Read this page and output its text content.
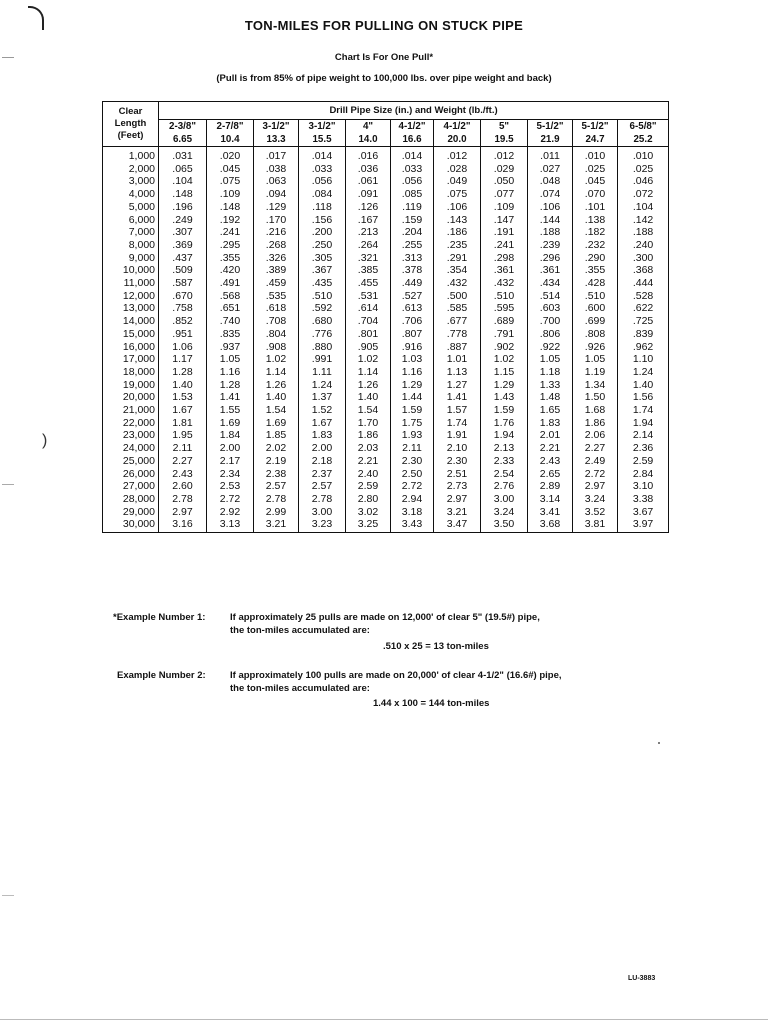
)
TON-MILES FOR PULLING ON STUCK PIPE
Chart Is For One Pull*
(Pull is from 85% of pipe weight to 100,000 lbs. over pipe weight and back)
Clear
Length
(Feet)	Drill Pipe Size (in.) and Weight (lb./ft.)										
	2-3/8"	2-7/8"	3-1/2"	3-1/2"	4"	4-1/2"	4-1/2"	5"	5-1/2"	5-1/2"	6-5/8"
	6.65	10.4	13.3	15.5	14.0	16.6	20.0	19.5	21.9	24.7	25.2
1,000	.031	.020	.017	.014	.016	.014	.012	.012	.011	.010	.010
2,000	.065	.045	.038	.033	.036	.033	.028	.029	.027	.025	.025
3,000	.104	.075	.063	.056	.061	.056	.049	.050	.048	.045	.046
4,000	.148	.109	.094	.084	.091	.085	.075	.077	.074	.070	.072
5,000	.196	.148	.129	.118	.126	.119	.106	.109	.106	.101	.104
6,000	.249	.192	.170	.156	.167	.159	.143	.147	.144	.138	.142
7,000	.307	.241	.216	.200	.213	.204	.186	.191	.188	.182	.188
8,000	.369	.295	.268	.250	.264	.255	.235	.241	.239	.232	.240
9,000	.437	.355	.326	.305	.321	.313	.291	.298	.296	.290	.300
10,000	.509	.420	.389	.367	.385	.378	.354	.361	.361	.355	.368
11,000	.587	.491	.459	.435	.455	.449	.432	.432	.434	.428	.444
12,000	.670	.568	.535	.510	.531	.527	.500	.510	.514	.510	.528
13,000	.758	.651	.618	.592	.614	.613	.585	.595	.603	.600	.622
14,000	.852	.740	.708	.680	.704	.706	.677	.689	.700	.699	.725
15,000	.951	.835	.804	.776	.801	.807	.778	.791	.806	.808	.839
16,000	1.06	.937	.908	.880	.905	.916	.887	.902	.922	.926	.962
17,000	1.17	1.05	1.02	.991	1.02	1.03	1.01	1.02	1.05	1.05	1.10
18,000	1.28	1.16	1.14	1.11	1.14	1.16	1.13	1.15	1.18	1.19	1.24
19,000	1.40	1.28	1.26	1.24	1.26	1.29	1.27	1.29	1.33	1.34	1.40
20,000	1.53	1.41	1.40	1.37	1.40	1.44	1.41	1.43	1.48	1.50	1.56
21,000	1.67	1.55	1.54	1.52	1.54	1.59	1.57	1.59	1.65	1.68	1.74
22,000	1.81	1.69	1.69	1.67	1.70	1.75	1.74	1.76	1.83	1.86	1.94
23,000	1.95	1.84	1.85	1.83	1.86	1.93	1.91	1.94	2.01	2.06	2.14
24,000	2.11	2.00	2.02	2.00	2.03	2.11	2.10	2.13	2.21	2.27	2.36
25,000	2.27	2.17	2.19	2.18	2.21	2.30	2.30	2.33	2.43	2.49	2.59
26,000	2.43	2.34	2.38	2.37	2.40	2.50	2.51	2.54	2.65	2.72	2.84
27,000	2.60	2.53	2.57	2.57	2.59	2.72	2.73	2.76	2.89	2.97	3.10
28,000	2.78	2.72	2.78	2.78	2.80	2.94	2.97	3.00	3.14	3.24	3.38
29,000	2.97	2.92	2.99	3.00	3.02	3.18	3.21	3.24	3.41	3.52	3.67
30,000	3.16	3.13	3.21	3.23	3.25	3.43	3.47	3.50	3.68	3.81	3.97
*Example Number 1:	If approximately 25 pulls are made on 12,000' of clear 5" (19.5#) pipe,
the ton-miles accumulated are:
.510 x 25 = 13 ton-miles
Example Number 2:	If approximately 100 pulls are made on 20,000' of clear 4-1/2" (16.6#) pipe,
the ton-miles accumulated are:
1.44 x 100 = 144 ton-miles
LU-3883
